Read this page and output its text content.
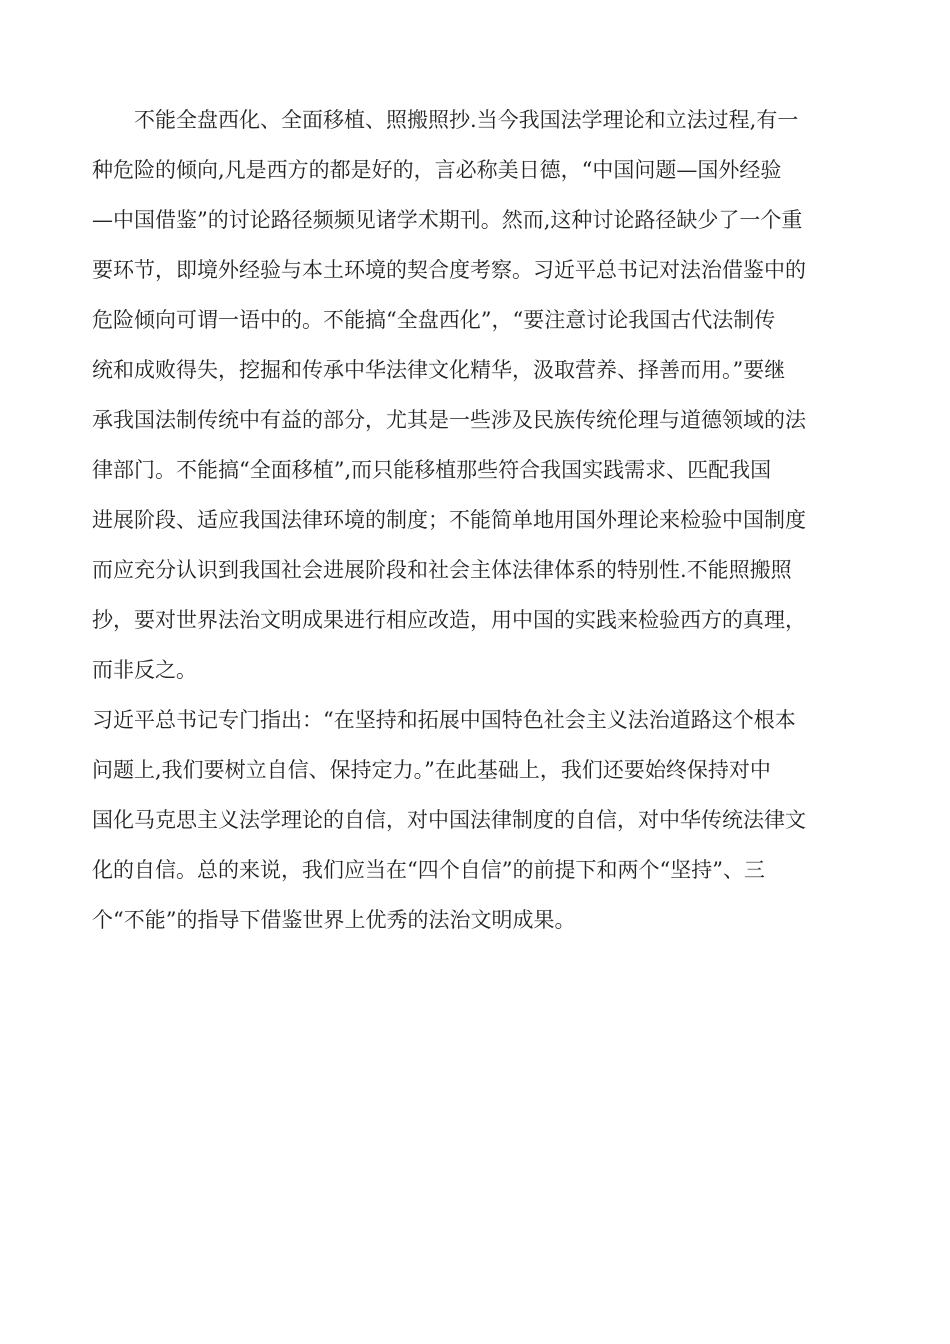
不能全盘西化、全面移植、照搬照抄.当今我国法学理论和立法过程,有一
种危险的倾向,凡是西方的都是好的，言必称美日德，“中国问题—国外经验
—中国借鉴”的讨论路径频频见诸学术期刊。然而,这种讨论路径缺少了一个重
要环节，即境外经验与本土环境的契合度考察。习近平总书记对法治借鉴中的
危险倾向可谓一语中的。不能搞“全盘西化”，“要注意讨论我国古代法制传
统和成败得失，挖掘和传承中华法律文化精华，汲取营养、择善而用。”要继
承我国法制传统中有益的部分，尤其是一些涉及民族传统伦理与道德领域的法
律部门。不能搞“全面移植”,而只能移植那些符合我国实践需求、匹配我国
进展阶段、适应我国法律环境的制度；不能简单地用国外理论来检验中国制度
而应充分认识到我国社会进展阶段和社会主体法律体系的特别性.不能照搬照
抄，要对世界法治文明成果进行相应改造，用中国的实践来检验西方的真理，
而非反之。
习近平总书记专门指出：“在坚持和拓展中国特色社会主义法治道路这个根本
问题上,我们要树立自信、保持定力。”在此基础上，我们还要始终保持对中
国化马克思主义法学理论的自信，对中国法律制度的自信，对中华传统法律文
化的自信。总的来说，我们应当在“四个自信”的前提下和两个“坚持”、三
个“不能”的指导下借鉴世界上优秀的法治文明成果。
